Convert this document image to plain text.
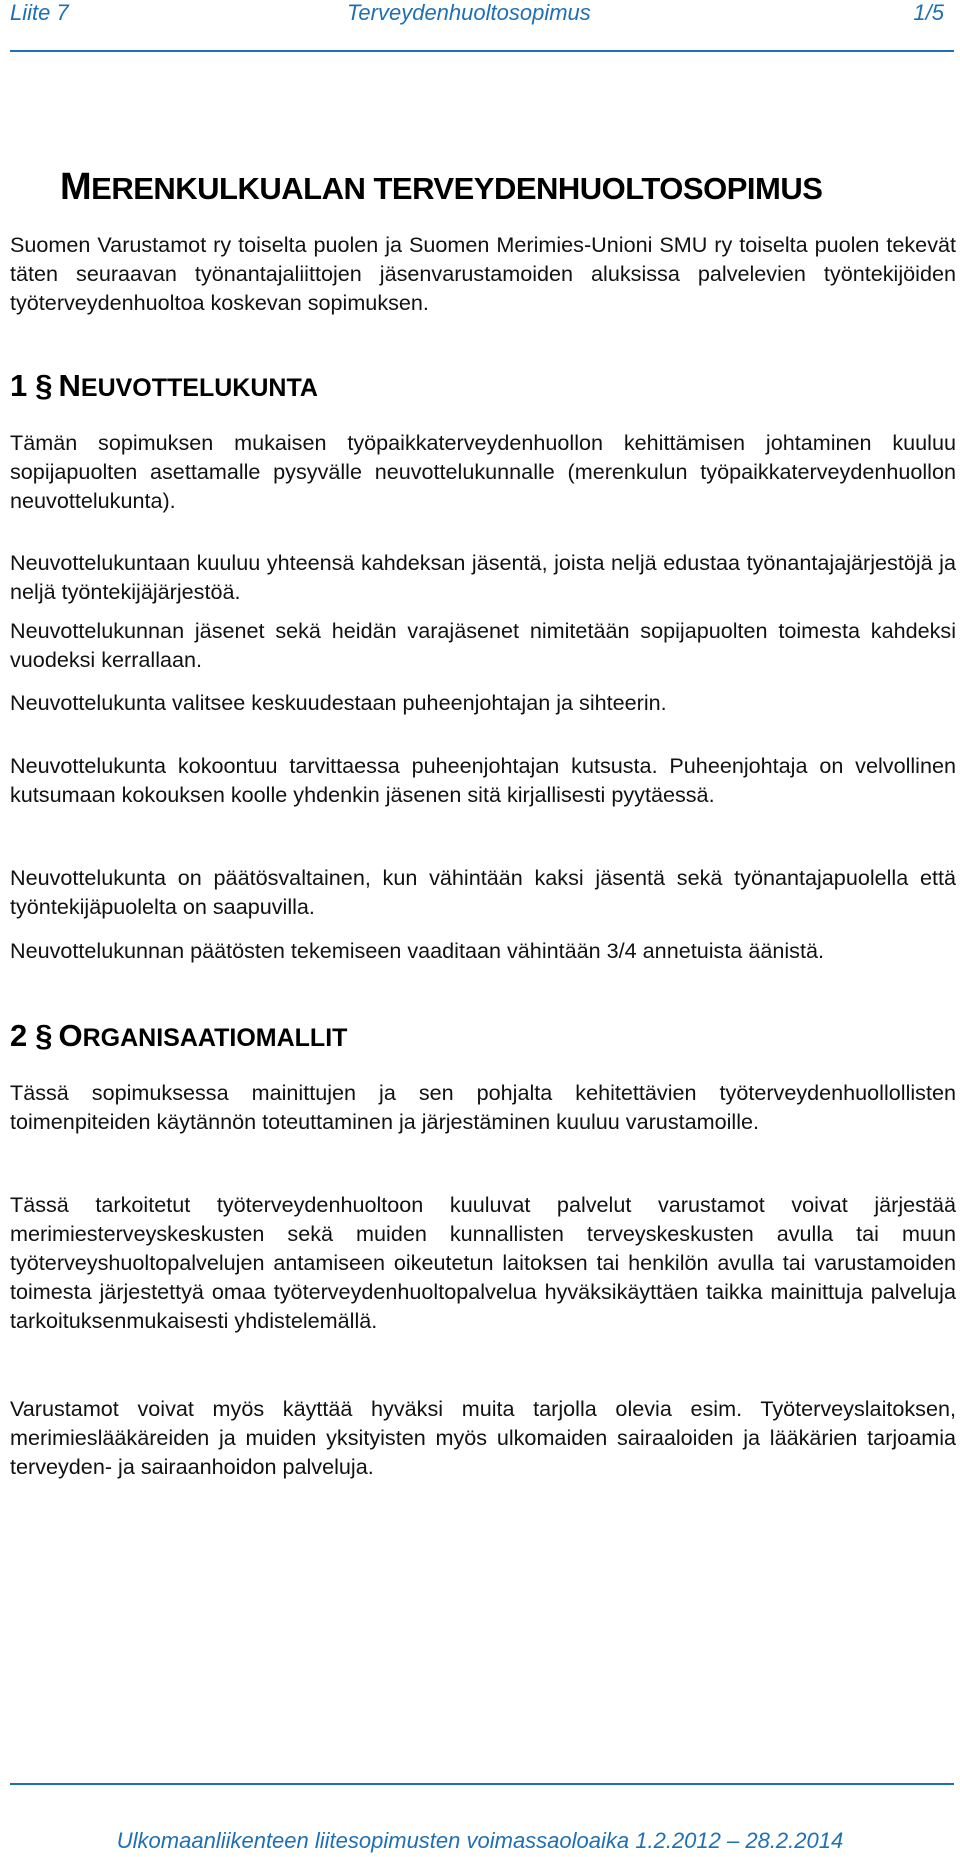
Liite 7	Terveydenhuoltosopimus	1/5
MERENKULKUALAN TERVEYDENHUOLTOSOPIMUS

Suomen Varustamot ry toiselta puolen ja Suomen Merimies-Unioni SMU ry toiselta puolen tekevät täten seuraavan työnantajaliittojen jäsenvarustamoiden aluksissa palvelevien työntekijöiden työterveydenhuoltoa koskevan sopimuksen.

1 § NEUVOTTELUKUNTA

Tämän sopimuksen mukaisen työpaikkaterveydenhuollon kehittämisen johtaminen kuuluu sopijapuolten asettamalle pysyvälle neuvottelukunnalle (merenkulun työpaikkaterveydenhuollon neuvottelukunta).

Neuvottelukuntaan kuuluu yhteensä kahdeksan jäsentä, joista neljä edustaa työnantajajärjestöjä ja neljä työntekijäjärjestöä.

Neuvottelukunnan jäsenet sekä heidän varajäsenet nimitetään sopijapuolten toimesta kahdeksi vuodeksi kerrallaan.

Neuvottelukunta valitsee keskuudestaan puheenjohtajan ja sihteerin.

Neuvottelukunta kokoontuu tarvittaessa puheenjohtajan kutsusta. Puheenjohtaja on velvollinen kutsumaan kokouksen koolle yhdenkin jäsenen sitä kirjallisesti pyytäessä.

Neuvottelukunta on päätösvaltainen, kun vähintään kaksi jäsentä sekä työnantajapuolella että työntekijäpuolelta on saapuvilla.

Neuvottelukunnan päätösten tekemiseen vaaditaan vähintään 3/4 annetuista äänistä.

2 § ORGANISAATIOMALLIT

Tässä sopimuksessa mainittujen ja sen pohjalta kehitettävien työterveydenhuollollisten toimenpiteiden käytännön toteuttaminen ja järjestäminen kuuluu varustamoille.

Tässä tarkoitetut työterveydenhuoltoon kuuluvat palvelut varustamot voivat järjestää merimiesterveyskeskusten sekä muiden kunnallisten terveyskeskusten avulla tai muun työterveyshuoltopalvelujen antamiseen oikeutetun laitoksen tai henkilön avulla tai varustamoiden toimesta järjestettyä omaa työterveydenhuoltopalvelua hyväksikäyttäen taikka mainittuja palveluja tarkoituksenmukaisesti yhdistelemällä.

Varustamot voivat myös käyttää hyväksi muita tarjolla olevia esim. Työterveyslaitoksen, merimieslääkäreiden ja muiden yksityisten myös ulkomaiden sairaaloiden ja lääkärien tarjoamia terveyden- ja sairaanhoidon palveluja.

Ulkomaanliikenteen liitesopimusten voimassaoloaika 1.2.2012 – 28.2.2014
